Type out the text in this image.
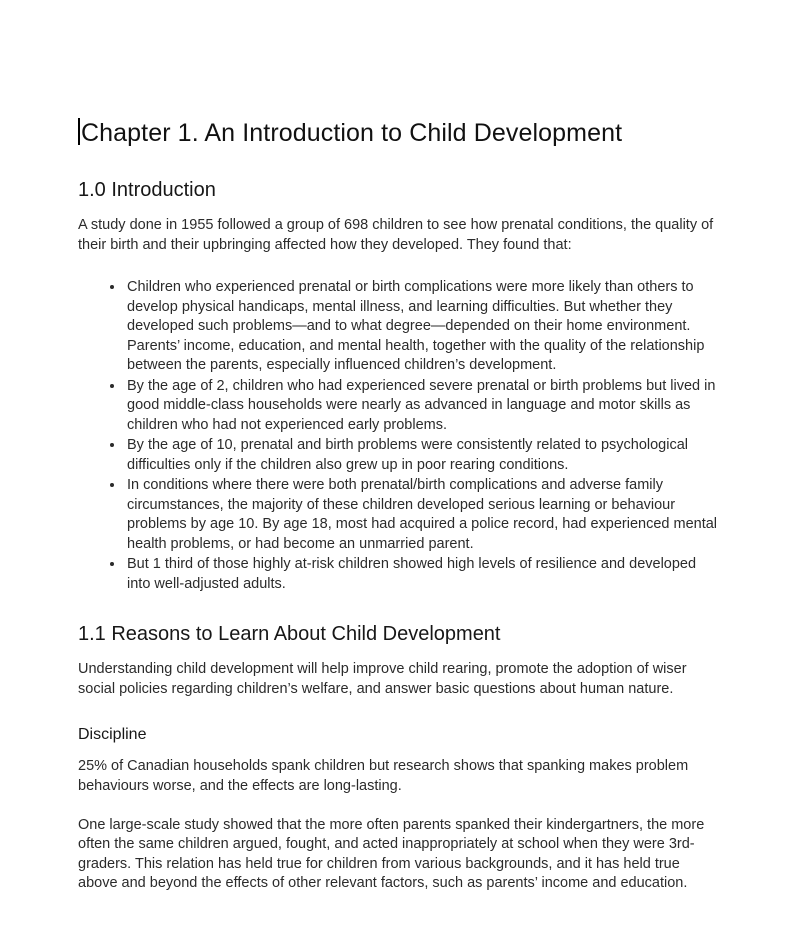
Chapter 1. An Introduction to Child Development
1.0 Introduction

A study done in 1955 followed a group of 698 children to see how prenatal conditions, the quality of their birth and their upbringing affected how they developed. They found that:

• Children who experienced prenatal or birth complications were more likely than others to develop physical handicaps, mental illness, and learning difficulties. But whether they developed such problems—and to what degree—depended on their home environment. Parents’ income, education, and mental health, together with the quality of the relationship between the parents, especially influenced children’s development.
• By the age of 2, children who had experienced severe prenatal or birth problems but lived in good middle-class households were nearly as advanced in language and motor skills as children who had not experienced early problems.
• By the age of 10, prenatal and birth problems were consistently related to psychological difficulties only if the children also grew up in poor rearing conditions.
• In conditions where there were both prenatal/birth complications and adverse family circumstances, the majority of these children developed serious learning or behaviour problems by age 10. By age 18, most had acquired a police record, had experienced mental health problems, or had become an unmarried parent.
• But 1 third of those highly at-risk children showed high levels of resilience and developed into well-adjusted adults.
1.1 Reasons to Learn About Child Development

Understanding child development will help improve child rearing, promote the adoption of wiser social policies regarding children’s welfare, and answer basic questions about human nature.

Discipline

25% of Canadian households spank children but research shows that spanking makes problem behaviours worse, and the effects are long-lasting.

One large-scale study showed that the more often parents spanked their kindergartners, the more often the same children argued, fought, and acted inappropriately at school when they were 3rd-graders. This relation has held true for children from various backgrounds, and it has held true above and beyond the effects of other relevant factors, such as parents’ income and education.
